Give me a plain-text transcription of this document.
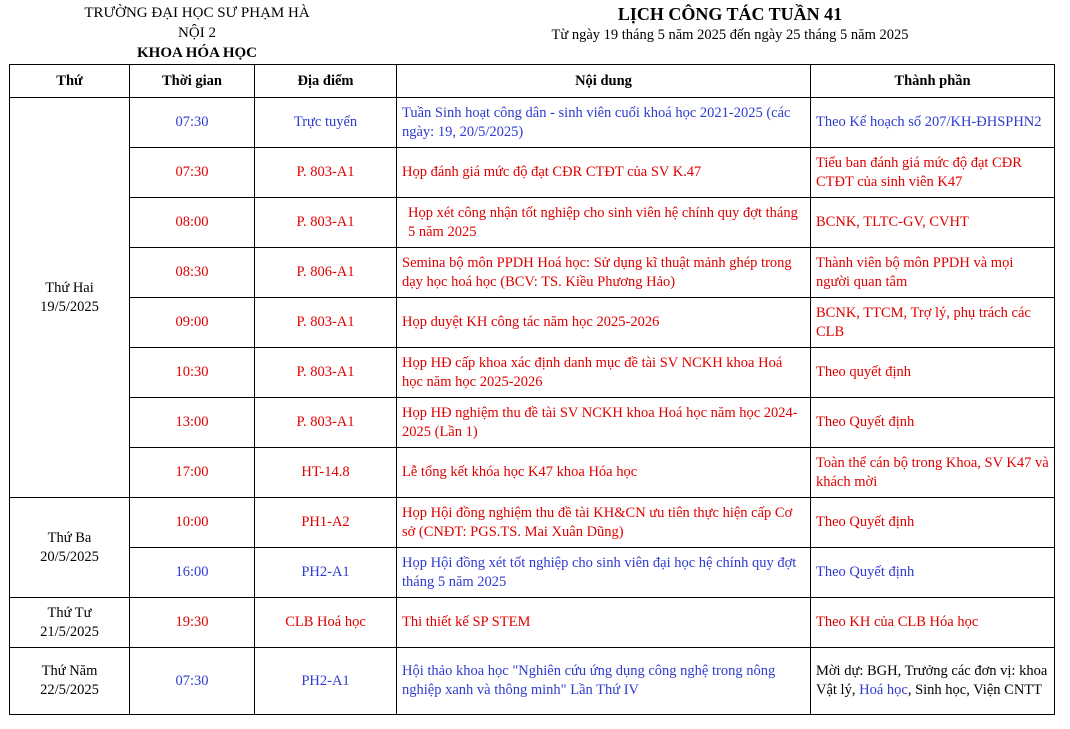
TRƯỜNG ĐẠI HỌC SƯ PHẠM HÀ NỘI 2
KHOA HÓA HỌC
LỊCH CÔNG TÁC TUẦN 41
Từ ngày 19 tháng 5 năm 2025 đến ngày 25 tháng 5 năm 2025
Thứ	Thời gian	Địa điểm	Nội dung	Thành phần

Thứ Hai
19/5/2025	07:30	Trực tuyến	Tuần Sinh hoạt công dân - sinh viên cuối khoá học 2021-2025 (các ngày: 19, 20/5/2025)	Theo Kế hoạch số 207/KH-ĐHSPHN2
	07:30	P. 803-A1	Họp đánh giá mức độ đạt CĐR CTĐT của SV K.47	Tiểu ban đánh giá mức độ đạt CĐR CTĐT của sinh viên K47
	08:00	P. 803-A1	Họp xét công nhận tốt nghiệp cho sinh viên hệ chính quy đợt tháng 5 năm 2025	BCNK, TLTC-GV, CVHT
	08:30	P. 806-A1	Semina bộ môn PPDH Hoá học: Sử dụng kĩ thuật mảnh ghép trong dạy học hoá học (BCV: TS. Kiều Phương Hảo)	Thành viên bộ môn PPDH và mọi người quan tâm
	09:00	P. 803-A1	Họp duyệt KH công tác năm học 2025-2026	BCNK, TTCM, Trợ lý, phụ trách các CLB
	10:30	P. 803-A1	Họp HĐ cấp khoa xác định danh mục đề tài SV NCKH khoa Hoá học năm học 2025-2026	Theo quyết định
	13:00	P. 803-A1	Họp HĐ nghiệm thu đề tài SV NCKH khoa Hoá học năm học 2024-2025 (Lần 1)	Theo Quyết định
	17:00	HT-14.8	Lễ tổng kết khóa học K47 khoa Hóa học	Toàn thể cán bộ trong Khoa, SV K47 và khách mời

Thứ Ba
20/5/2025	10:00	PH1-A2	Họp Hội đồng nghiệm thu đề tài KH&CN ưu tiên thực hiện cấp Cơ sở (CNĐT: PGS.TS. Mai Xuân Dũng)	Theo Quyết định
	16:00	PH2-A1	Họp Hội đồng xét tốt nghiệp cho sinh viên đại học hệ chính quy đợt tháng 5 năm 2025	Theo Quyết định

Thứ Tư
21/5/2025	19:30	CLB Hoá học	Thi thiết kế SP STEM	Theo KH của CLB Hóa học

Thứ Năm
22/5/2025	07:30	PH2-A1	Hội thảo khoa học "Nghiên cứu ứng dụng công nghệ trong nông nghiệp xanh và thông minh" Lần Thứ IV	Mời dự: BGH, Trưởng các đơn vị: khoa Vật lý, Hoá học, Sinh học, Viện CNTT
